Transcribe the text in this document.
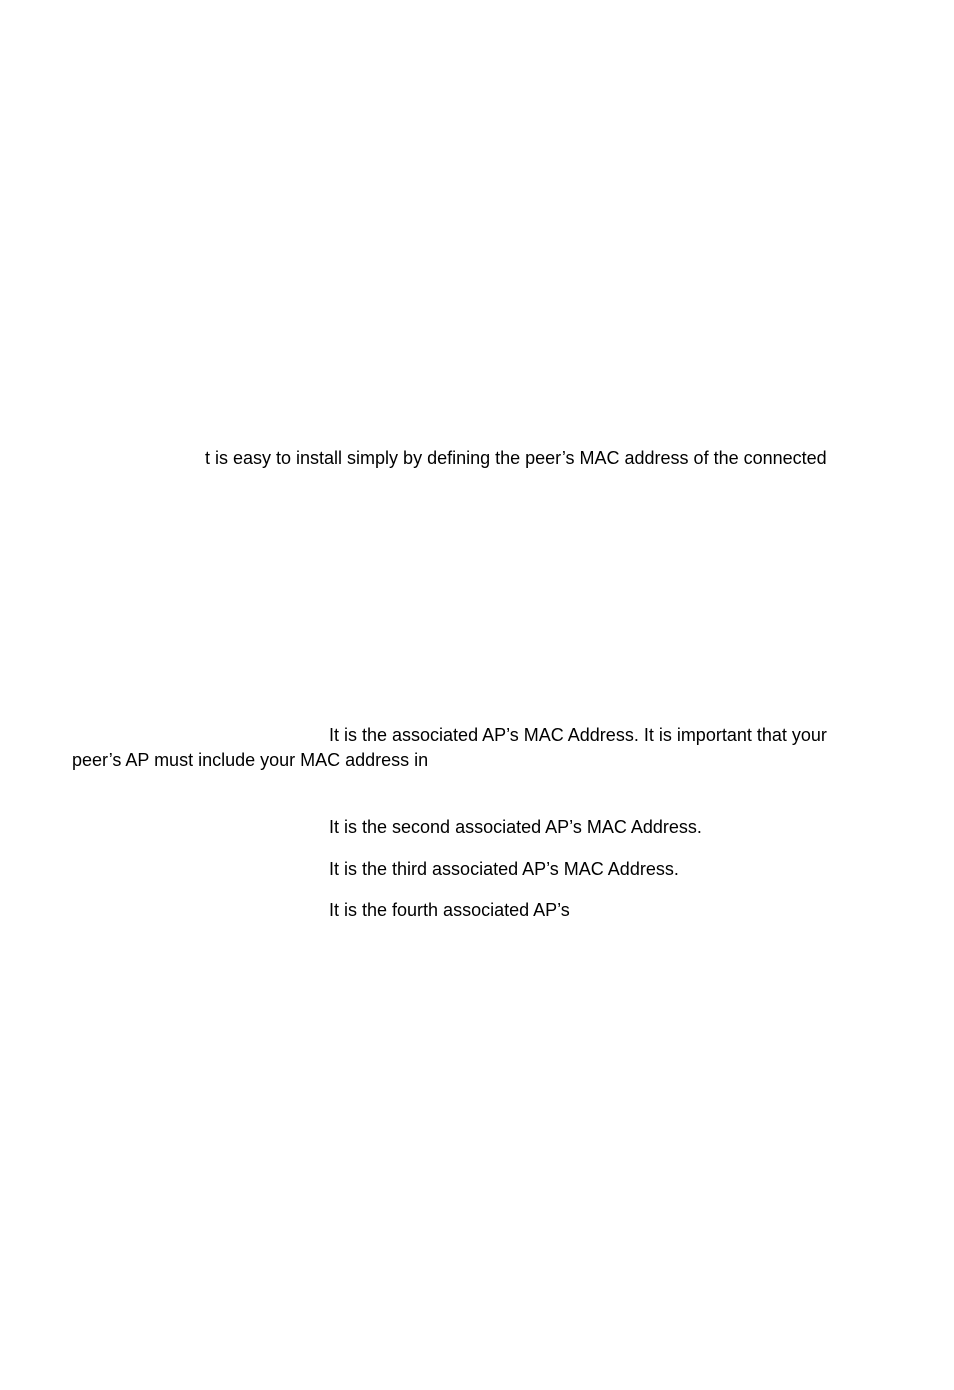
t is easy to install simply by defining the peer’s MAC address of the connected
It is the associated AP’s MAC Address. It is important that your
peer’s AP must include your MAC address in
It is the second associated AP’s MAC Address.
It is the third associated AP’s MAC Address.
It is the fourth associated AP’s
